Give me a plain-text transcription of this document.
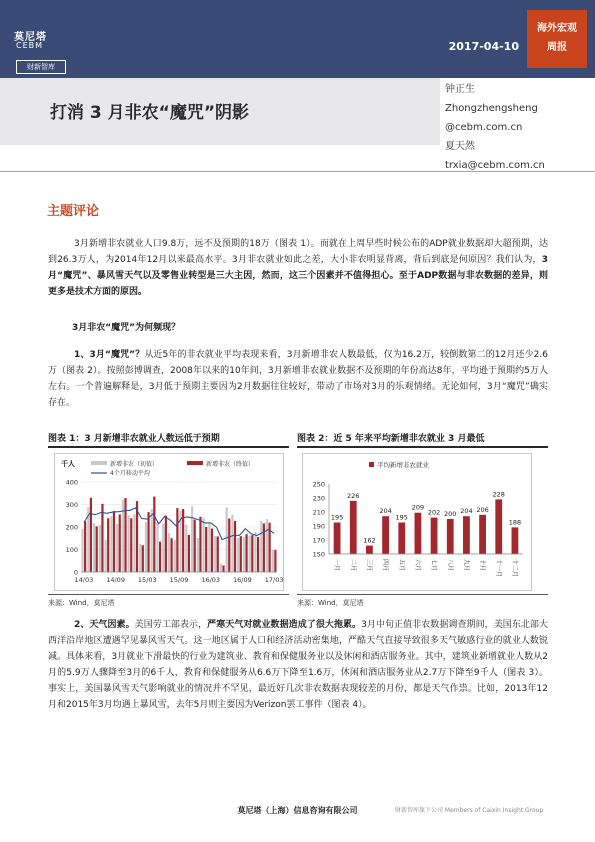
莫尼塔
CEBM
财新智库
2017-04-10
海外宏观
周报
打消 3 月非农“魔咒”阴影
钟正生
Zhongzhengsheng
@cebm.com.cn
夏天然
trxia@cebm.com.cn
主题评论
3月新增非农就业人口9.8万，远不及预期的18万（图表 1）。而就在上周早些时候公布的ADP就业数据却大超预期，达到26.3万人，为2014年12月以来最高水平。3月非农就业如此之差，大小非农明显背离，背后到底是何原因？我们认为，3月“魔咒”、暴风雪天气以及零售业转型是三大主因，然而，这三个因素并不值得担心。至于ADP数据与非农数据的差异，则更多是技术方面的原因。
3月非农“魔咒”为何频现？
1、3月“魔咒”？从近5年的非农就业平均表现来看，3月新增非农人数最低，仅为16.2万，较倒数第二的12月还少2.6万（图表 2）。按照彭博调查，2008年以来的10年间，3月新增非农就业数据不及预期的年份高达8年，平均逊于预期约5万人左右。一个普遍解释是，3月低于预期主要因为2月数据往往较好，带动了市场对3月的乐观情绪。无论如何，3月“魔咒”确实存在。
图表 1：3 月新增非农就业人数远低于预期
0
100
200
300
400
千人	新增非农（初值）	新增非农（终值）
4个月移动平均
14/03 14/09 15/03 15/09 16/03 16/09 17/03
来源：Wind，莫尼塔
图表 2：近 5 年来平均新增非农就业 3 月最低
150
170
190
210
230
250
平均新增非农就业
195
226
162
204
195
209
202 200 204 206
228
188
一月 二月 三月 四月 五月 六月 七月 八月 九月 十月 十一月 十二月
来源：Wind，莫尼塔
2、天气因素。美国劳工部表示，严寒天气对就业数据造成了很大拖累。3月中旬正值非农数据调查期间，美国东北部大西洋沿岸地区遭遇罕见暴风雪天气。这一地区属于人口和经济活动密集地，严酷天气直接导致很多天气敏感行业的就业人数锐减。具体来看，3月就业下滑最快的行业为建筑业、教育和保健服务业以及休闲和酒店服务业。其中，建筑业新增就业人数从2月的5.9万人骤降至3月的6千人，教育和保健服务从6.6万下降至1.6万，休闲和酒店服务业从2.7万下降至9千人（图表 3）。事实上，美国暴风雪天气影响就业的情况并不罕见，最近好几次非农数据表现较差的月份，都是天气作祟。比如，2013年12月和2015年3月均遇上暴风雪，去年5月则主要因为Verizon罢工事件（图表 4）。
莫尼塔（上海）信息咨询有限公司	财新智库旗下公司 Members of Caixin Insight Group
